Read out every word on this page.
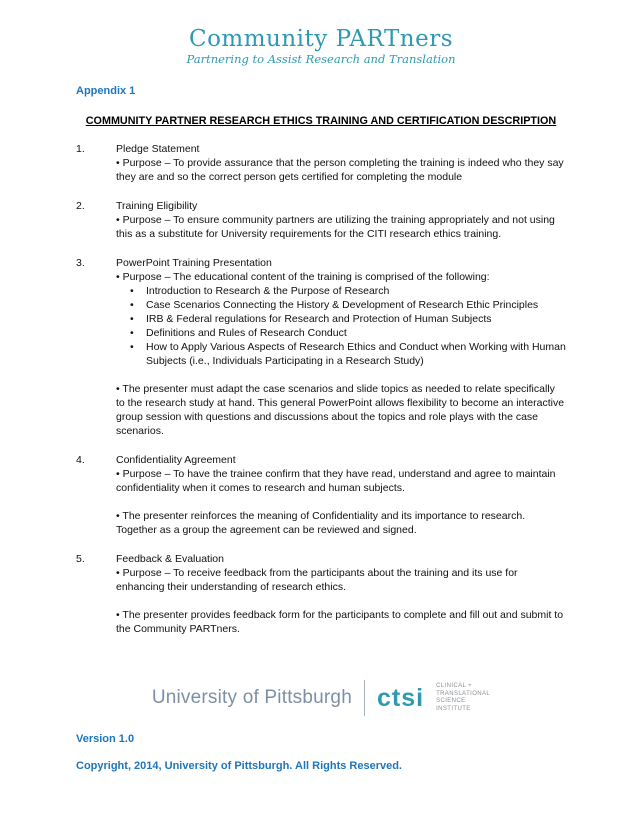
Community PARTners
Partnering to Assist Research and Translation
Appendix 1
COMMUNITY PARTNER RESEARCH ETHICS TRAINING AND CERTIFICATION DESCRIPTION
1.	Pledge Statement

• Purpose – To provide assurance that the person completing the training is indeed who they say they are and so the correct person gets certified for completing the module

2.	Training Eligibility

• Purpose – To ensure community partners are utilizing the training appropriately and not using this as a substitute for University requirements for the CITI research ethics training.

3.	PowerPoint Training Presentation

• Purpose – The educational content of the training is comprised of the following:

•	Introduction to Research & the Purpose of Research
•	Case Scenarios Connecting the History & Development of Research Ethic Principles
•	IRB & Federal regulations for Research and Protection of Human Subjects
•	Definitions and Rules of Research Conduct
•	How to Apply Various Aspects of Research Ethics and Conduct when Working with Human Subjects (i.e., Individuals Participating in a Research Study)

• The presenter must adapt the case scenarios and slide topics as needed to relate specifically to the research study at hand. This general PowerPoint allows flexibility to become an interactive group session with questions and discussions about the topics and role plays with the case scenarios.

4.	Confidentiality Agreement

• Purpose – To have the trainee confirm that they have read, understand and agree to maintain confidentiality when it comes to research and human subjects.

• The presenter reinforces the meaning of Confidentiality and its importance to research. Together as a group the agreement can be reviewed and signed.

5.	Feedback & Evaluation

• Purpose – To receive feedback from the participants about the training and its use for enhancing their understanding of research ethics.

• The presenter provides feedback form for the participants to complete and fill out and submit to the Community PARTners.

University of Pittsburgh ctsi CLINICAL +
TRANSLATIONAL
SCIENCE
INSTITUTE
Version 1.0
Copyright, 2014, University of Pittsburgh. All Rights Reserved.
